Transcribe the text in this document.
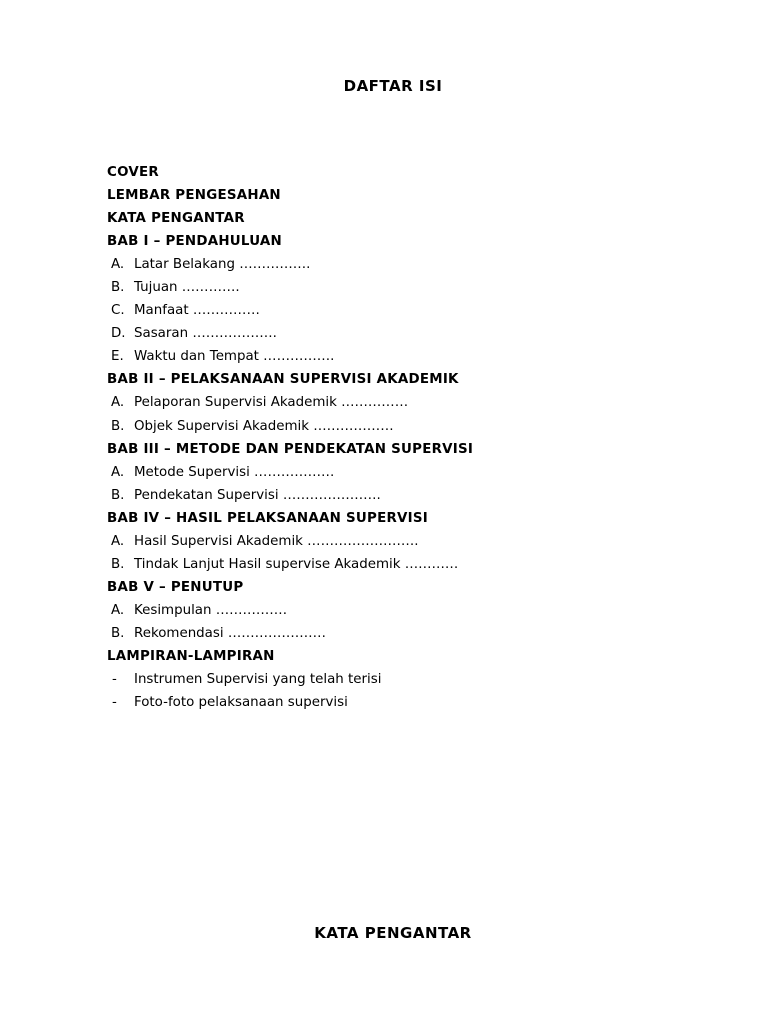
DAFTAR ISI
COVER
LEMBAR PENGESAHAN
KATA PENGANTAR
BAB I – PENDAHULUAN
A. Latar Belakang …………….
B. Tujuan ………….
C. Manfaat ……………
D. Sasaran ……………….
E. Waktu dan Tempat …………….
BAB II – PELAKSANAAN SUPERVISI AKADEMIK
A. Pelaporan Supervisi Akademik ……………
B. Objek Supervisi Akademik ………………
BAB III – METODE DAN PENDEKATAN SUPERVISI
A. Metode Supervisi ………………
B. Pendekatan Supervisi ………………….
BAB IV – HASIL PELAKSANAAN SUPERVISI
A. Hasil Supervisi Akademik …………………….
B. Tindak Lanjut Hasil supervise Akademik …………
BAB V – PENUTUP
A. Kesimpulan …………….
B. Rekomendasi ………………….
LAMPIRAN-LAMPIRAN
-	Instrumen Supervisi yang telah terisi
-	Foto-foto pelaksanaan supervisi
KATA PENGANTAR
